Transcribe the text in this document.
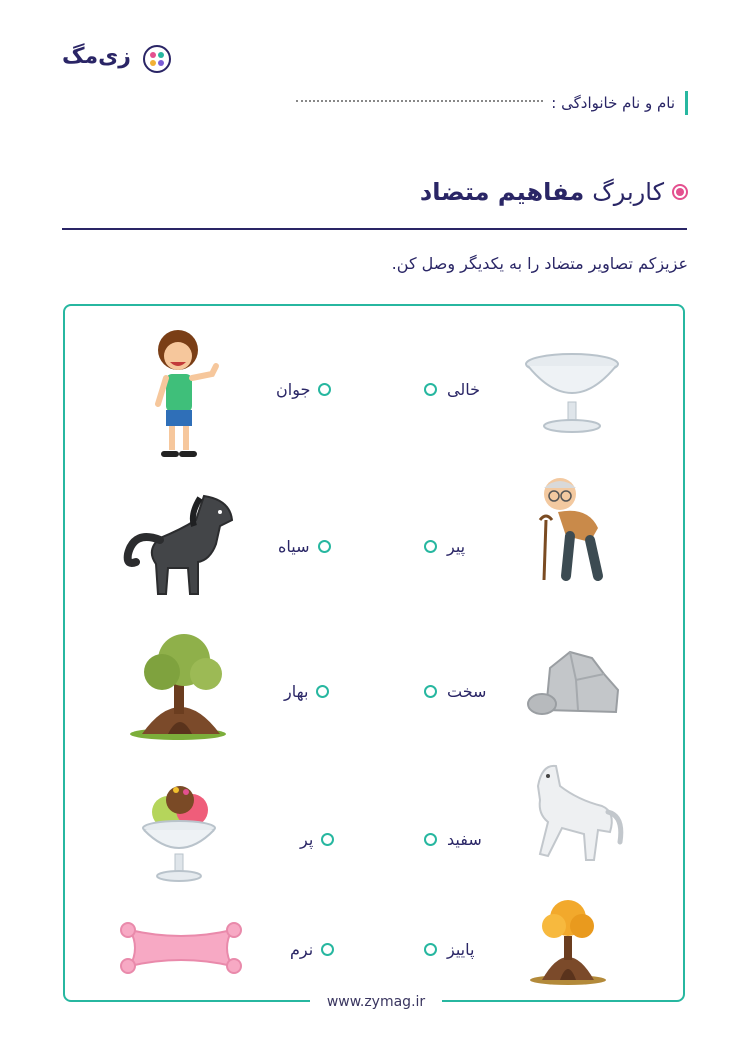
زی‌مگ
نام و نام خانوادگی :
کاربرگ
مفاهیم متضاد
عزیزکم تصاویر متضاد را به یکدیگر وصل کن.
www.zymag.ir
خالی
پیر
سخت
سفید
پاییز
جوان
سیاه
بهار
پر
نرم
